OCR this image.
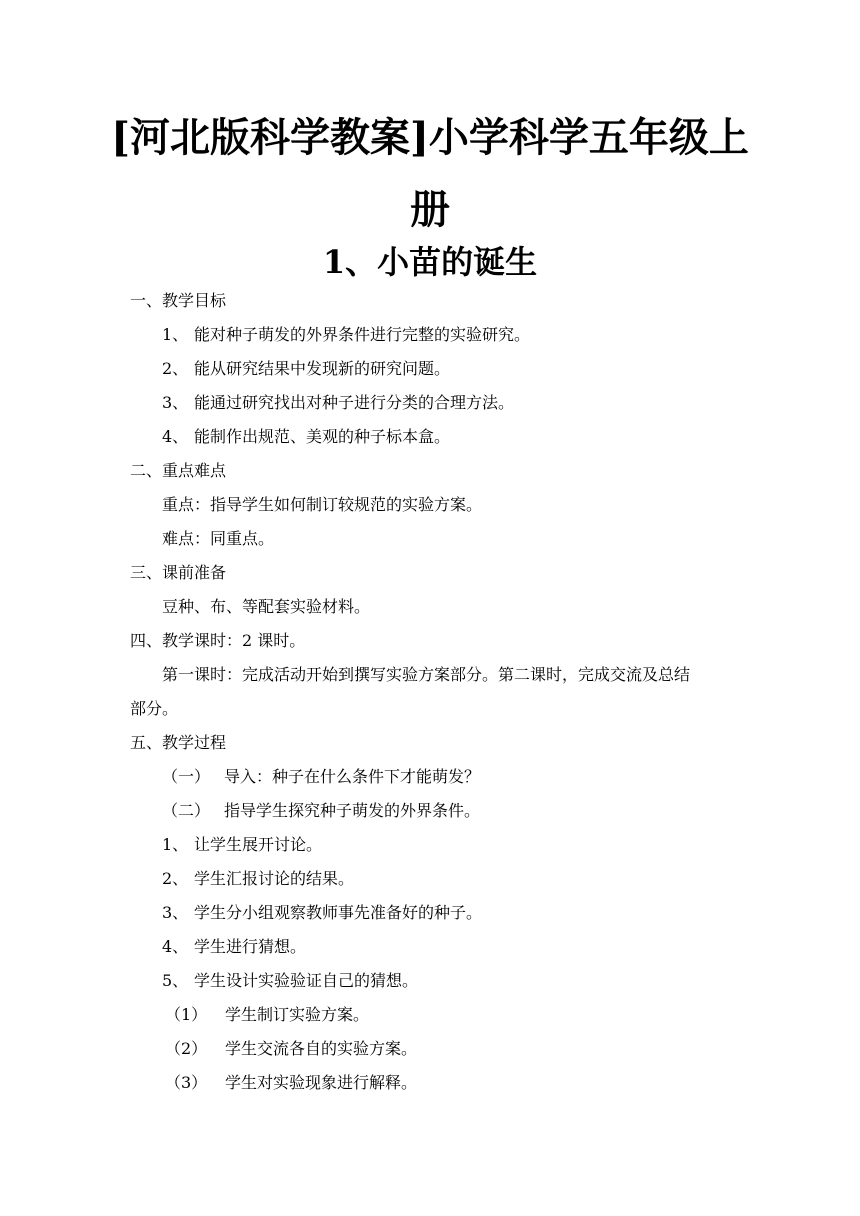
[河北版科学教案]小学科学五年级上
册
1、小苗的诞生
一、教学目标
1、 能对种子萌发的外界条件进行完整的实验研究。
2、 能从研究结果中发现新的研究问题。
3、 能通过研究找出对种子进行分类的合理方法。
4、 能制作出规范、美观的种子标本盒。
二、重点难点
重点：指导学生如何制订较规范的实验方案。
难点：同重点。
三、课前准备
豆种、布、等配套实验材料。
四、教学课时：2 课时。
第一课时：完成活动开始到撰写实验方案部分。第二课时，完成交流及总结
部分。
五、教学过程
（一） 导入：种子在什么条件下才能萌发？
（二） 指导学生探究种子萌发的外界条件。
1、 让学生展开讨论。
2、 学生汇报讨论的结果。
3、 学生分小组观察教师事先准备好的种子。
4、 学生进行猜想。
5、 学生设计实验验证自己的猜想。
（1） 学生制订实验方案。
（2） 学生交流各自的实验方案。
（3） 学生对实验现象进行解释。
